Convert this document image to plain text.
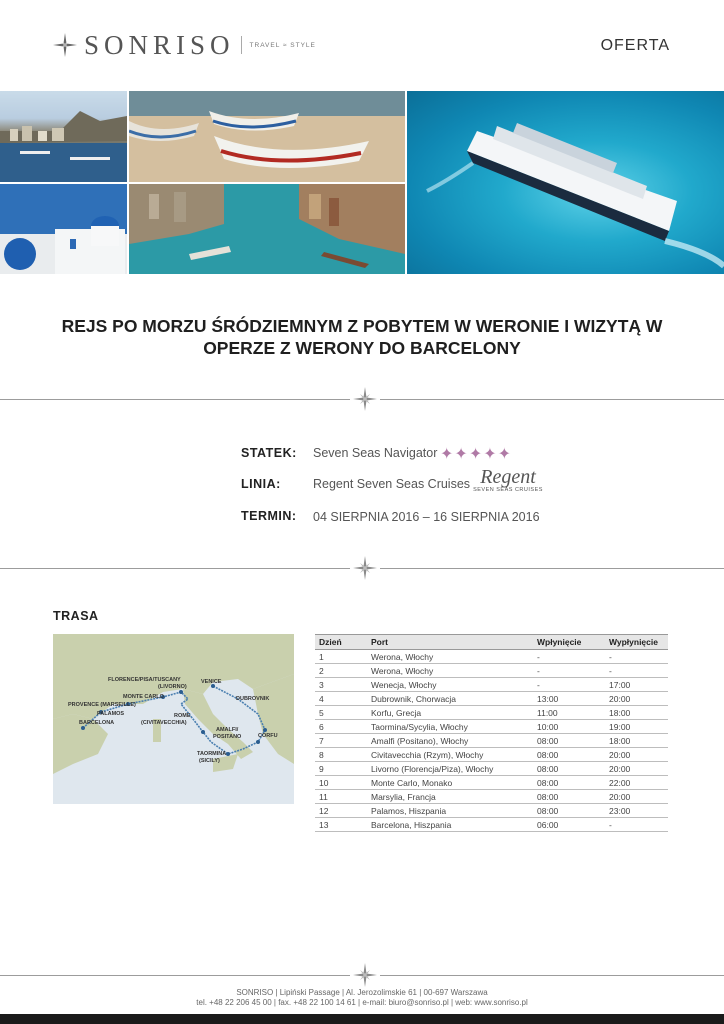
SONRISO TRAVEL ≈ STYLE	OFERTA
REJS PO MORZU ŚRÓDZIEMNYM Z POBYTEM W WERONIE I WIZYTĄ W OPERZE Z WERONY DO BARCELONY
STATEK: Seven Seas Navigator ✦✦✦✦✦
LINIA:	Regent Seven Seas Cruises Regent
SEVEN SEAS CRUISES
TERMIN: 04 SIERPNIA 2016 – 16 SIERPNIA 2016
TRASA
FLORENCE/PISA/TUSCANY
(LIVORNO)
VENICE
MONTE CARLO
PROVENCE (MARSEILLE)
PALAMOS
BARCELONA
ROME
(CIVITAVECCHIA)
DUBROVNIK
AMALFI/
POSITANO	CORFU
TAORMINA
(SICILY)
Dzień	Port	Wpłynięcie	Wypłynięcie
1	Werona, Włochy	-	-
2	Werona, Włochy	-	-
3	Wenecja, Włochy	-	17:00
4	Dubrownik, Chorwacja	13:00	20:00
5	Korfu, Grecja	11:00	18:00
6	Taormina/Sycylia, Włochy	10:00	19:00
7	Amalfi (Positano), Włochy	08:00	18:00
8	Civitavecchia (Rzym), Włochy	08:00	20:00
9	Livorno (Florencja/Piza), Włochy	08:00	20:00
10	Monte Carlo, Monako	08:00	22:00
11	Marsylia, Francja	08:00	20:00
12	Palamos, Hiszpania	08:00	23:00
13	Barcelona, Hiszpania	06:00	-
SONRISO | Lipiński Passage | Al. Jerozolimskie 61 | 00-697 Warszawa
tel. +48 22 206 45 00 | fax. +48 22 100 14 61 | e-mail: biuro@sonriso.pl | web: www.sonriso.pl
